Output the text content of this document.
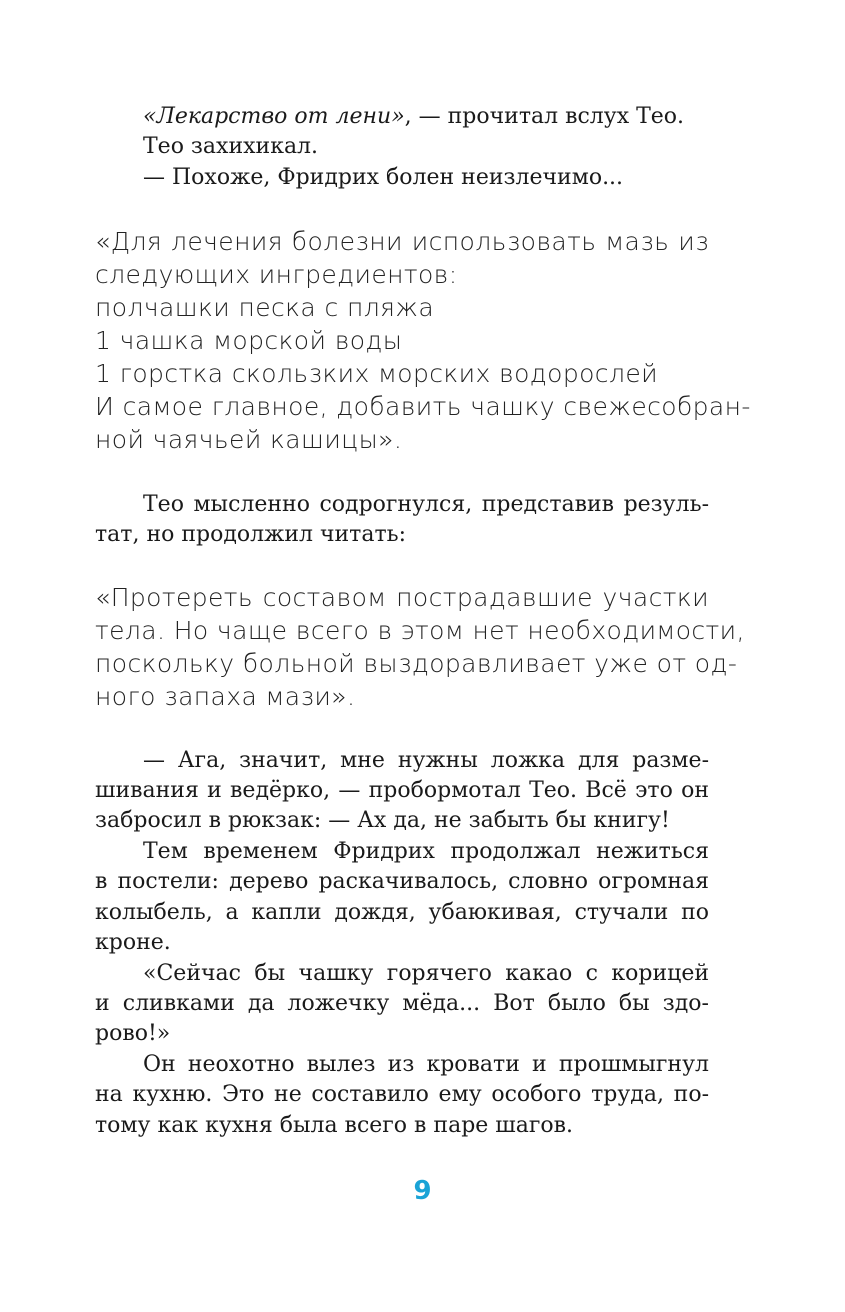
«Лекарство от лени», — прочитал вслух Тео.
Тео захихикал.
— Похоже, Фридрих болен неизлечимо...
«Для лечения болезни использовать мазь из
следующих ингредиентов:
полчашки песка с пляжа
1 чашка морской воды
1 горстка скользких морских водорослей
И самое главное, добавить чашку свежесобран-
ной чаячьей кашицы».
Тео мысленно содрогнулся, представив резуль-
тат, но продолжил читать:
«Протереть составом пострадавшие участки
тела. Но чаще всего в этом нет необходимости,
поскольку больной выздоравливает уже от од-
ного запаха мази».
— Ага, значит, мне нужны ложка для разме-
шивания и ведёрко, — пробормотал Тео. Всё это он
забросил в рюкзак: — Ах да, не забыть бы книгу!
Тем временем Фридрих продолжал нежиться
в постели: дерево раскачивалось, словно огромная
колыбель, а капли дождя, убаюкивая, стучали по
кроне.
«Сейчас бы чашку горячего какао с корицей
и сливками да ложечку мёда... Вот было бы здо-
рово!»
Он неохотно вылез из кровати и прошмыгнул
на кухню. Это не составило ему особого труда, по-
тому как кухня была всего в паре шагов.
9
